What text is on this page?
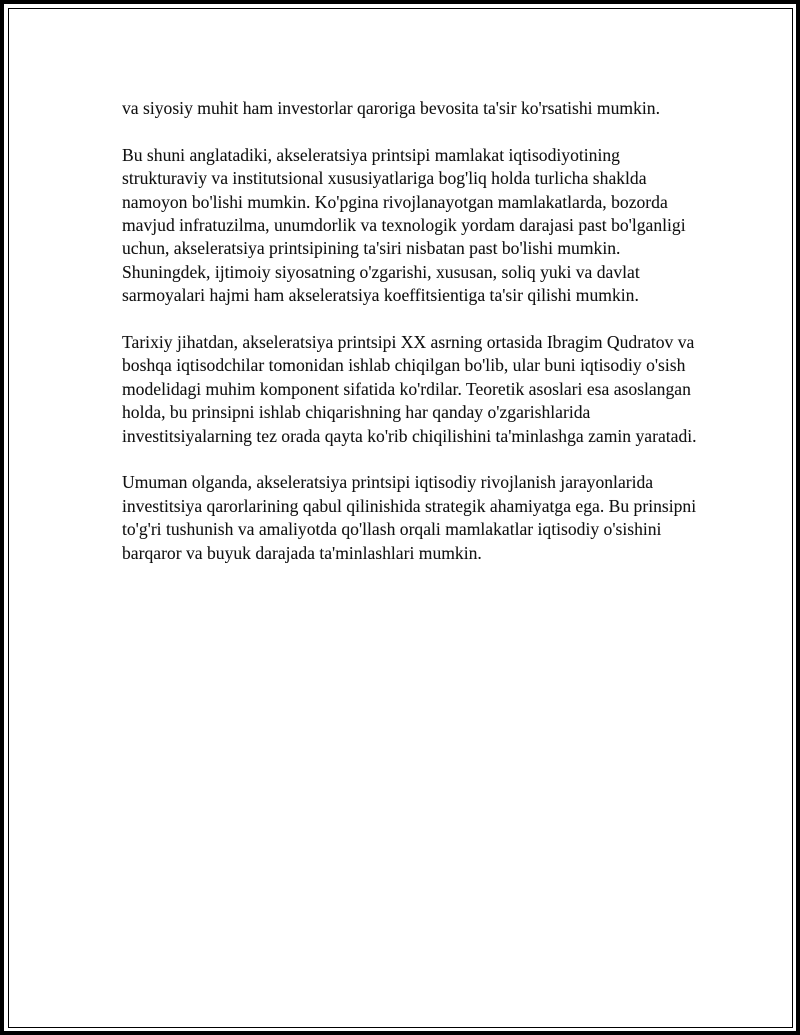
va siyosiy muhit ham investorlar qaroriga bevosita ta'sir ko'rsatishi mumkin.

Bu shuni anglatadiki, akseleratsiya printsipi mamlakat iqtisodiyotining strukturaviy va institutsional xususiyatlariga bog'liq holda turlicha shaklda namoyon bo'lishi mumkin. Ko'pgina rivojlanayotgan mamlakatlarda, bozorda mavjud infratuzilma, unumdorlik va texnologik yordam darajasi past bo'lganligi uchun, akseleratsiya printsipining ta'siri nisbatan past bo'lishi mumkin. Shuningdek, ijtimoiy siyosatning o'zgarishi, xususan, soliq yuki va davlat sarmoyalari hajmi ham akseleratsiya koeffitsientiga ta'sir qilishi mumkin.

Tarixiy jihatdan, akseleratsiya printsipi XX asrning ortasida Ibragim Qudratov va boshqa iqtisodchilar tomonidan ishlab chiqilgan bo'lib, ular buni iqtisodiy o'sish modelidagi muhim komponent sifatida ko'rdilar. Teoretik asoslari esa asoslangan holda, bu prinsipni ishlab chiqarishning har qanday o'zgarishlarida investitsiyalarning tez orada qayta ko'rib chiqilishini ta'minlashga zamin yaratadi.

Umuman olganda, akseleratsiya printsipi iqtisodiy rivojlanish jarayonlarida investitsiya qarorlarining qabul qilinishida strategik ahamiyatga ega. Bu prinsipni to'g'ri tushunish va amaliyotda qo'llash orqali mamlakatlar iqtisodiy o'sishini barqaror va buyuk darajada ta'minlashlari mumkin.
